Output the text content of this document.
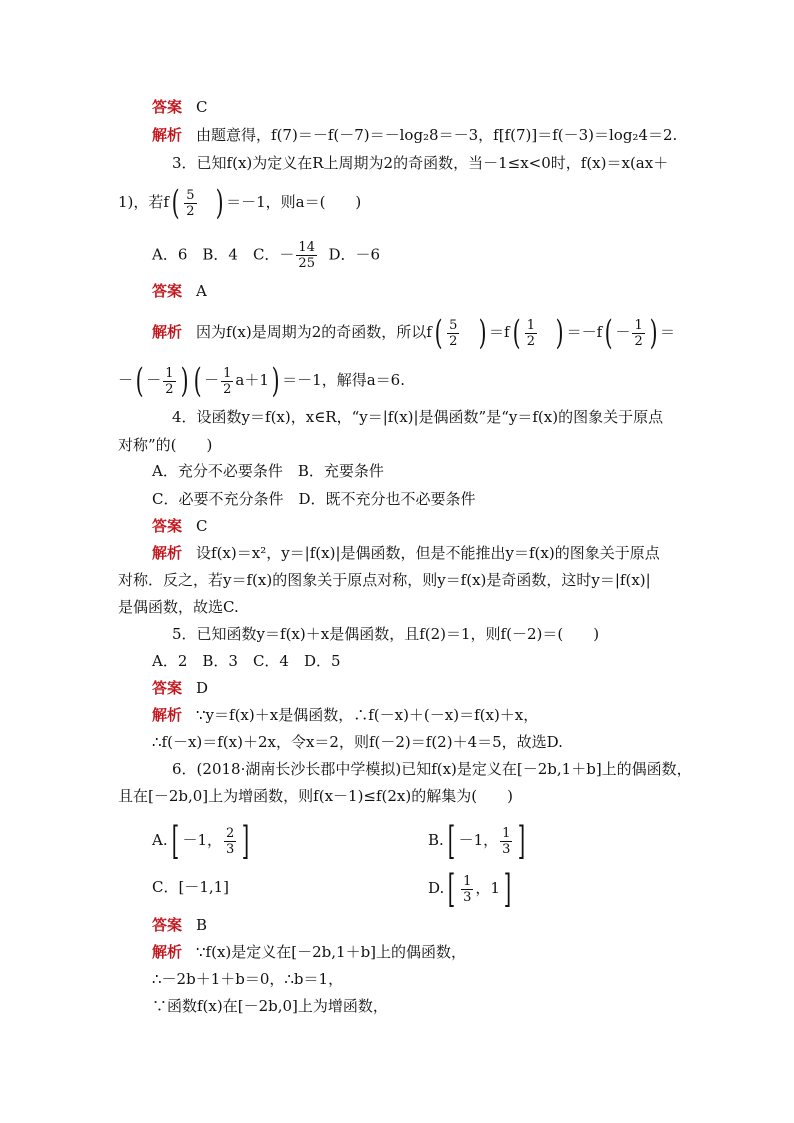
答案 C
解析 由题意得，f(7)＝－f(－7)＝－log₂8＝－3，f[f(7)]＝f(－3)＝log₂4＝2.
3．已知f(x)为定义在R上周期为2的奇函数，当－1≤x<0时，f(x)＝x(ax＋
1)，若$f( \frac{5}{2}$ ) ＝－1，则a＝(　　)
A．6　B．4　C．－ $\frac{14}{25}$ D．－6
答案 A
解析 因为f(x)是周期为2的奇函数，所以$f( \frac{5}{2}$ ) $=f( \frac{1}{2}$ ) $=-f( - \frac{1}{2}$ ) ＝
－( － $\frac{1}{2}$ ) ( － $\frac{1}{2} a+1) =-1$，解得a＝6.
4．设函数y＝f(x)，x∈R，“y＝|f(x)|是偶函数”是“y＝f(x)的图象关于原点
对称”的(　　)
A．充分不必要条件　B．充要条件
C．必要不充分条件　D．既不充分也不必要条件
答案 C
解析 设f(x)＝x²，y＝|f(x)|是偶函数，但是不能推出y＝f(x)的图象关于原点
对称．反之，若y＝f(x)的图象关于原点对称，则y＝f(x)是奇函数，这时y＝|f(x)|
是偶函数，故选C.
5．已知函数y＝f(x)＋x是偶函数，且f(2)＝1，则f(－2)＝(　　)
A．2　B．3　C．4　D．5
答案 D
解析 ∵y＝f(x)＋x是偶函数，∴f(－x)＋(－x)＝f(x)＋x，
∴f(－x)＝f(x)＋2x，令x＝2，则f(－2)＝f(2)＋4＝5，故选D.
6．(2018·湖南长沙长郡中学模拟)已知f(x)是定义在[－2b,1＋b]上的偶函数，
且在[－2b,0]上为增函数，则f(x－1)≤f(2x)的解集为(　　)
A.[ －1， $\frac{2}{3}$ ]	B.[ －1， $\frac{1}{3}$ ]
C．[－1,1]	$D.[ \frac{1}{3}$ ，1]
答案 B
解析 ∵f(x)是定义在[－2b,1＋b]上的偶函数，
∴－2b＋1＋b＝0，∴b＝1，
∵函数f(x)在[－2b,0]上为增函数，
